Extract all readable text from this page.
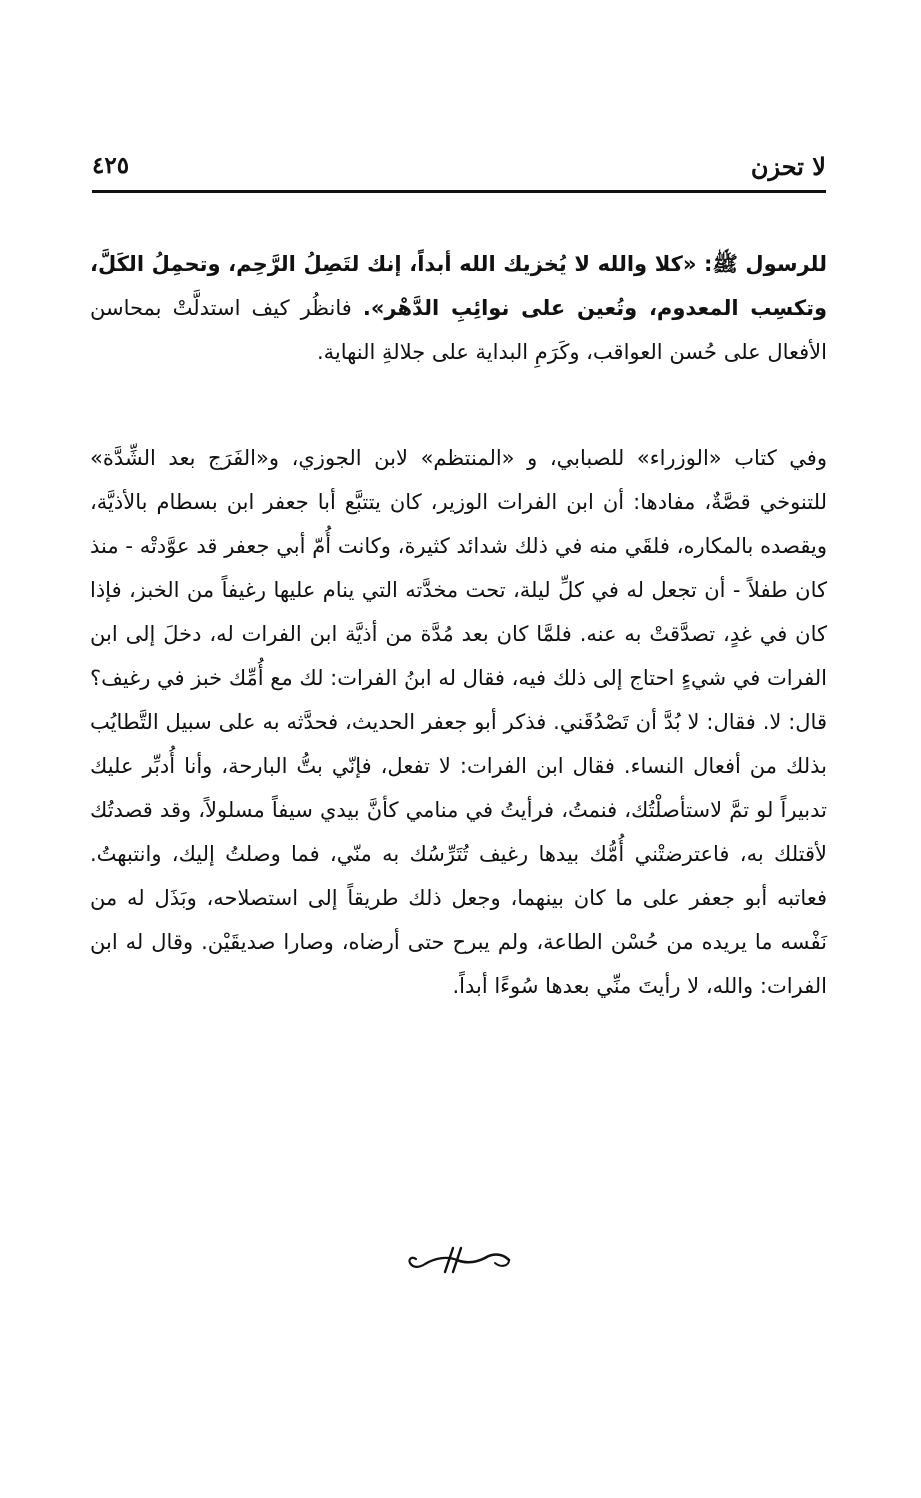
لا تحزن
٤٢٥
للرسول ﷺ: «كلا والله لا يُخزيك الله أبداً، إنك لتَصِلُ الرَّحِم، وتحمِلُ الكَلَّ، وتكسِب المعدوم، وتُعين على نوائِبِ الدَّهْر». فانظُر كيف استدلَّتْ بمحاسن الأفعال على حُسن العواقب، وكَرَمِ البداية على جلالةِ النهاية.
وفي كتاب «الوزراء» للصبابي، و «المنتظم» لابن الجوزي، و«الفَرَج بعد الشِّدَّة» للتنوخي قصَّةٌ، مفادها: أن ابن الفرات الوزير، كان يتتبَّع أبا جعفر ابن بسطام بالأذيَّة، ويقصده بالمكاره، فلقَي منه في ذلك شدائد كثيرة، وكانت أُمّ أبي جعفر قد عوَّدتْه - منذ كان طفلاً - أن تجعل له في كلِّ ليلة، تحت مخدَّته التي ينام عليها رغيفاً من الخبز، فإذا كان في غدٍ، تصدَّقتْ به عنه. فلمَّا كان بعد مُدَّة من أذيَّة ابن الفرات له، دخلَ إلى ابن الفرات في شيءٍ احتاج إلى ذلك فيه، فقال له ابنُ الفرات: لك مع أُمِّك خبز في رغيف؟ قال: لا. فقال: لا بُدَّ أن تَصْدُقَني. فذكر أبو جعفر الحديث، فحدَّثه به على سبيل التَّطايُب بذلك من أفعال النساء. فقال ابن الفرات: لا تفعل، فإنّي بتُّ البارحة، وأنا أُدبِّر عليك تدبيراً لو تمَّ لاستأصلْتُك، فنمتُ، فرأيتُ في منامي كأنَّ بيدي سيفاً مسلولاً، وقد قصدتُك لأقتلك به، فاعترضتْني أُمُّك بيدها رغيف تُتَرِّسُك به منّي، فما وصلتُ إليك، وانتبهتُ. فعاتبه أبو جعفر على ما كان بينهما، وجعل ذلك طريقاً إلى استصلاحه، وبَذَل له من نَفْسه ما يريده من حُسْن الطاعة، ولم يبرح حتى أرضاه، وصارا صديقَيْن. وقال له ابن الفرات: والله، لا رأيتَ منِّي بعدها سُوءًا أبداً.
